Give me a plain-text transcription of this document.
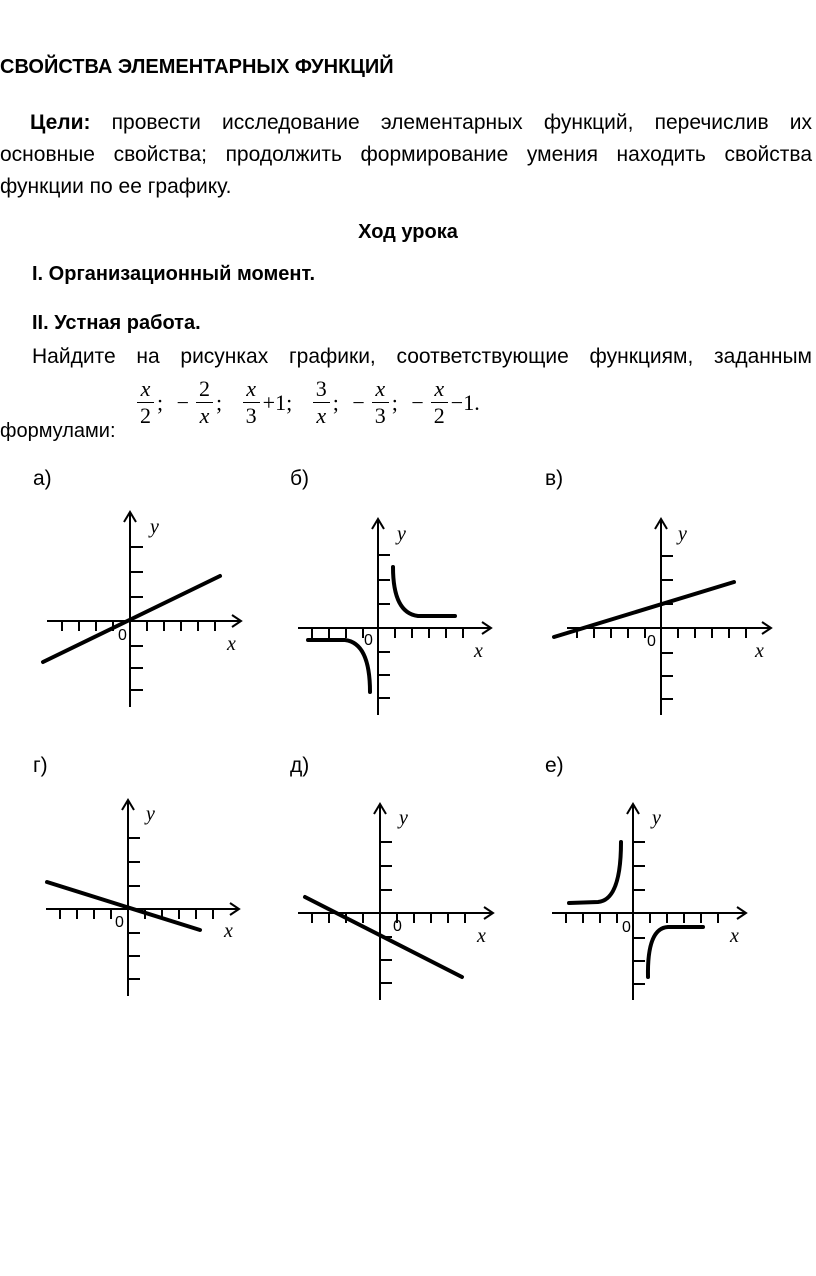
СВОЙСТВА ЭЛЕМЕНТАРНЫХ ФУНКЦИЙ
Цели: провести исследование элементарных функций, перечислив их основные свойства; продолжить формирование умения находить свойства функции по ее графику.
Ход урока
I. Организационный момент.
II. Устная работа.
Найдите на рисунках графики, соответствующие функциям, заданным
формулами:
$\frac{x}{2}$ ; − $\frac{2}{x}$ ; $\frac{x}{3} +1$; $\frac{3}{x}$ ; − $\frac{x}{3}$ ; − $\frac{x}{2} -1$.
а)	б)	в)
г)	д)	е)
y
x
0
y
x
0
y
x
0
y
x
0
y
x
0
y
x
0
